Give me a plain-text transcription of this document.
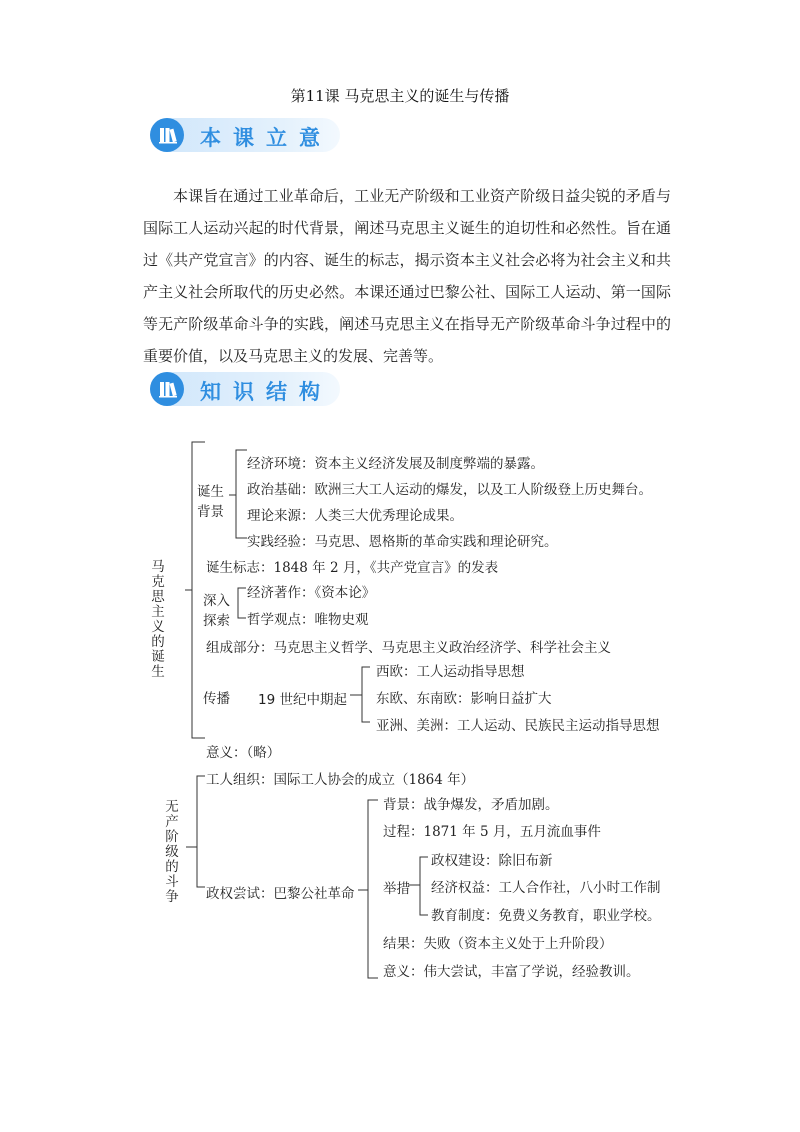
第11课 马克思主义的诞生与传播
本课立意
本课旨在通过工业革命后，工业无产阶级和工业资产阶级日益尖锐的矛盾与国际工人运动兴起的时代背景，阐述马克思主义诞生的迫切性和必然性。旨在通过《共产党宣言》的内容、诞生的标志，揭示资本主义社会必将为社会主义和共产主义社会所取代的历史必然。本课还通过巴黎公社、国际工人运动、第一国际等无产阶级革命斗争的实践，阐述马克思主义在指导无产阶级革命斗争过程中的重要价值，以及马克思主义的发展、完善等。
知识结构
马克思主义的诞生
诞生背景
经济环境：资本主义经济发展及制度弊端的暴露。
政治基础：欧洲三大工人运动的爆发，以及工人阶级登上历史舞台。
理论来源：人类三大优秀理论成果。
实践经验：马克思、恩格斯的革命实践和理论研究。
诞生标志：1848 年 2 月，《共产党宣言》的发表
深入探索
经济著作：《资本论》
哲学观点：唯物史观
组成部分：马克思主义哲学、马克思主义政治经济学、科学社会主义
传播 19 世纪中期起
西欧：工人运动指导思想
东欧、东南欧：影响日益扩大
亚洲、美洲：工人运动、民族民主运动指导思想
意义：（略）
无产阶级的斗争
工人组织：国际工人协会的成立（1864 年）
政权尝试：巴黎公社革命
背景：战争爆发，矛盾加剧。
过程：1871 年 5 月，五月流血事件
举措
政权建设：除旧布新
经济权益：工人合作社，八小时工作制
教育制度：免费义务教育，职业学校。
结果：失败（资本主义处于上升阶段）
意义：伟大尝试，丰富了学说，经验教训。
